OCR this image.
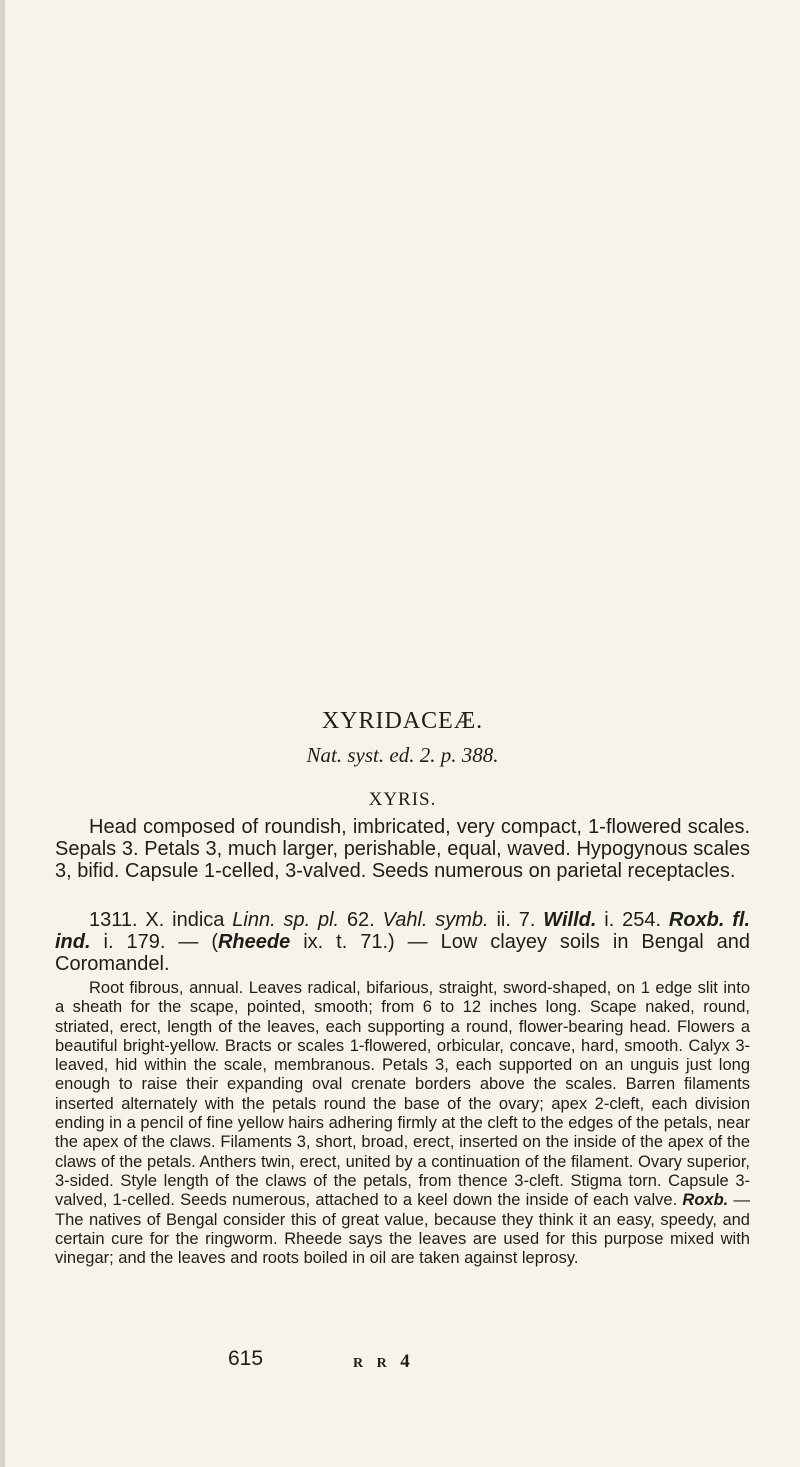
XYRIDACEÆ.
Nat. syst. ed. 2. p. 388.
XYRIS.

Head composed of roundish, imbricated, very compact, 1-flowered scales. Sepals 3. Petals 3, much larger, perishable, equal, waved. Hypogynous scales 3, bifid. Capsule 1-celled, 3-valved. Seeds numerous on parietal receptacles.

1311. X. indica Linn. sp. pl. 62. Vahl. symb. ii. 7. Willd. i. 254. Roxb. fl. ind. i. 179. — (Rheede ix. t. 71.) — Low clayey soils in Bengal and Coromandel.

Root fibrous, annual. Leaves radical, bifarious, straight, sword-shaped, on 1 edge slit into a sheath for the scape, pointed, smooth; from 6 to 12 inches long. Scape naked, round, striated, erect, length of the leaves, each supporting a round, flower-bearing head. Flowers a beautiful bright-yellow. Bracts or scales 1-flowered, orbicular, concave, hard, smooth. Calyx 3-leaved, hid within the scale, membranous. Petals 3, each supported on an unguis just long enough to raise their expanding oval crenate borders above the scales. Barren filaments inserted alternately with the petals round the base of the ovary; apex 2-cleft, each division ending in a pencil of fine yellow hairs adhering firmly at the cleft to the edges of the petals, near the apex of the claws. Filaments 3, short, broad, erect, inserted on the inside of the apex of the claws of the petals. Anthers twin, erect, united by a continuation of the filament. Ovary superior, 3-sided. Style length of the claws of the petals, from thence 3-cleft. Stigma torn. Capsule 3-valved, 1-celled. Seeds numerous, attached to a keel down the inside of each valve. Roxb. — The natives of Bengal consider this of great value, because they think it an easy, speedy, and certain cure for the ringworm. Rheede says the leaves are used for this purpose mixed with vinegar; and the leaves and roots boiled in oil are taken against leprosy.

615	R R 4
